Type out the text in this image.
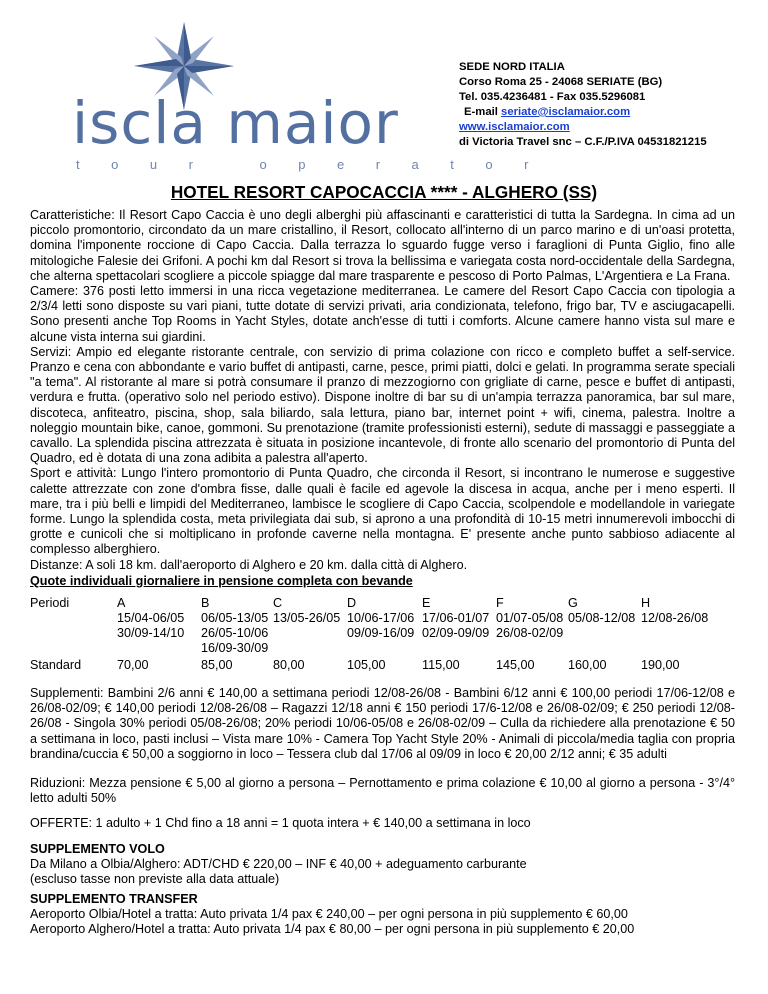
iscla maior
tour operator
SEDE NORD ITALIA
Corso Roma 25 - 24068 SERIATE (BG)
Tel. 035.4236481 - Fax 035.5296081
E-mail seriate@isclamaior.com
www.isclamaior.com
di Victoria Travel snc – C.F./P.IVA 04531821215
HOTEL RESORT CAPOCACCIA **** - ALGHERO (SS)

Caratteristiche: Il Resort Capo Caccia è uno degli alberghi più affascinanti e caratteristici di tutta la Sardegna. In cima ad un piccolo promontorio, circondato da un mare cristallino, il Resort, collocato all'interno di un parco marino e di un'oasi protetta, domina l'imponente roccione di Capo Caccia. Dalla terrazza lo sguardo fugge verso i faraglioni di Punta Giglio, fino alle mitologiche Falesie dei Grifoni. A pochi km dal Resort si trova la bellissima e variegata costa nord-occidentale della Sardegna, che alterna spettacolari scogliere a piccole spiagge dal mare trasparente e pescoso di Porto Palmas, L'Argentiera e La Frana.

Camere: 376 posti letto immersi in una ricca vegetazione mediterranea. Le camere del Resort Capo Caccia con tipologia a 2/3/4 letti sono disposte su vari piani, tutte dotate di servizi privati, aria condizionata, telefono, frigo bar, TV e asciugacapelli. Sono presenti anche Top Rooms in Yacht Styles, dotate anch'esse di tutti i comforts. Alcune camere hanno vista sul mare e alcune vista interna sui giardini.

Servizi: Ampio ed elegante ristorante centrale, con servizio di prima colazione con ricco e completo buffet a self-service. Pranzo e cena con abbondante e vario buffet di antipasti, carne, pesce, primi piatti, dolci e gelati. In programma serate speciali "a tema". Al ristorante al mare si potrà consumare il pranzo di mezzogiorno con grigliate di carne, pesce e buffet di antipasti, verdura e frutta. (operativo solo nel periodo estivo). Dispone inoltre di bar su di un'ampia terrazza panoramica, bar sul mare, discoteca, anfiteatro, piscina, shop, sala biliardo, sala lettura, piano bar, internet point + wifi, cinema, palestra. Inoltre a noleggio mountain bike, canoe, gommoni. Su prenotazione (tramite professionisti esterni), sedute di massaggi e passeggiate a cavallo. La splendida piscina attrezzata è situata in posizione incantevole, di fronte allo scenario del promontorio di Punta del Quadro, ed è dotata di una zona adibita a palestra all'aperto.

Sport e attività: Lungo l'intero promontorio di Punta Quadro, che circonda il Resort, si incontrano le numerose e suggestive calette attrezzate con zone d'ombra fisse, dalle quali è facile ed agevole la discesa in acqua, anche per i meno esperti. Il mare, tra i più belli e limpidi del Mediterraneo, lambisce le scogliere di Capo Caccia, scolpendole e modellandole in variegate forme. Lungo la splendida costa, meta privilegiata dai sub, si aprono a una profondità di 10-15 metri innumerevoli imbocchi di grotte e cunicoli che si moltiplicano in profonde caverne nella montagna. E' presente anche punto sabbioso adiacente al complesso alberghiero.

Distanze: A soli 18 km. dall'aeroporto di Alghero e 20 km. dalla città di Alghero.

Quote individuali giornaliere in pensione completa con bevande
Periodi
Standard
A
15/04-06/05
30/09-14/10
70,00
B
06/05-13/05
26/05-10/06
16/09-30/09
85,00
C
13/05-26/05
80,00
D
10/06-17/06
09/09-16/09
105,00
E
17/06-01/07
02/09-09/09
115,00
F
01/07-05/08
26/08-02/09
145,00
G
05/08-12/08
160,00
H
12/08-26/08
190,00

Supplementi: Bambini 2/6 anni € 140,00 a settimana periodi 12/08-26/08 - Bambini 6/12 anni € 100,00 periodi 17/06-12/08 e 26/08-02/09; € 140,00 periodi 12/08-26/08 – Ragazzi 12/18 anni € 150 periodi 17/6-12/08 e 26/08-02/09; € 250 periodi 12/08-26/08 - Singola 30% periodi 05/08-26/08; 20% periodi 10/06-05/08 e 26/08-02/09 – Culla da richiedere alla prenotazione € 50 a settimana in loco, pasti inclusi – Vista mare 10% - Camera Top Yacht Style 20% - Animali di piccola/media taglia con propria brandina/cuccia € 50,00 a soggiorno in loco – Tessera club dal 17/06 al 09/09 in loco € 20,00 2/12 anni; € 35 adulti

Riduzioni: Mezza pensione € 5,00 al giorno a persona – Pernottamento e prima colazione € 10,00 al giorno a persona - 3°/4° letto adulti 50%

OFFERTE: 1 adulto + 1 Chd fino a 18 anni = 1 quota intera + € 140,00 a settimana in loco

SUPPLEMENTO VOLO

Da Milano a Olbia/Alghero: ADT/CHD € 220,00 – INF € 40,00 + adeguamento carburante

(escluso tasse non previste alla data attuale)

SUPPLEMENTO TRANSFER

Aeroporto Olbia/Hotel a tratta: Auto privata 1/4 pax € 240,00 – per ogni persona in più supplemento € 60,00

Aeroporto Alghero/Hotel a tratta: Auto privata 1/4 pax € 80,00 – per ogni persona in più supplemento € 20,00
